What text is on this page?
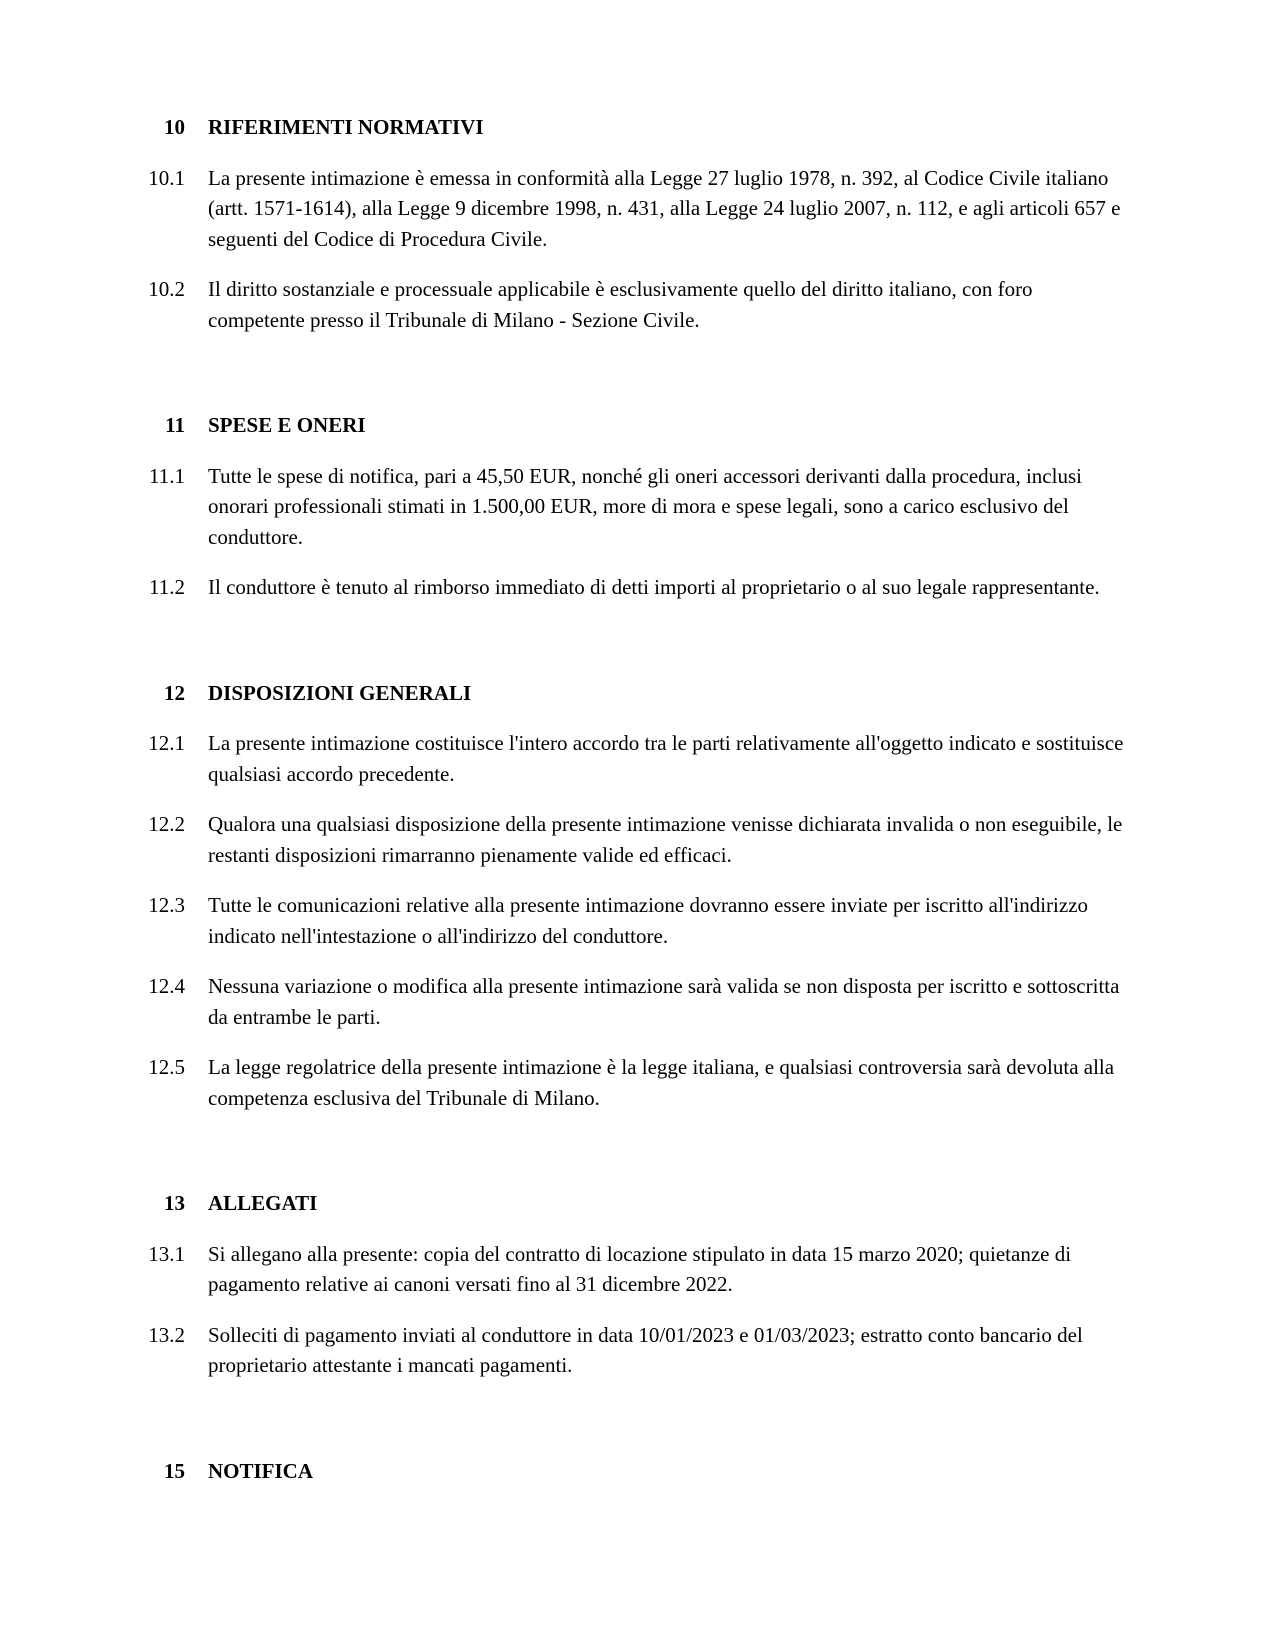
10 RIFERIMENTI NORMATIVI
10.1 La presente intimazione è emessa in conformità alla Legge 27 luglio 1978, n. 392, al Codice Civile italiano (artt. 1571-1614), alla Legge 9 dicembre 1998, n. 431, alla Legge 24 luglio 2007, n. 112, e agli articoli 657 e seguenti del Codice di Procedura Civile.
10.2 Il diritto sostanziale e processuale applicabile è esclusivamente quello del diritto italiano, con foro competente presso il Tribunale di Milano - Sezione Civile.
11 SPESE E ONERI
11.1 Tutte le spese di notifica, pari a 45,50 EUR, nonché gli oneri accessori derivanti dalla procedura, inclusi onorari professionali stimati in 1.500,00 EUR, more di mora e spese legali, sono a carico esclusivo del conduttore.
11.2 Il conduttore è tenuto al rimborso immediato di detti importi al proprietario o al suo legale rappresentante.
12 DISPOSIZIONI GENERALI
12.1 La presente intimazione costituisce l'intero accordo tra le parti relativamente all'oggetto indicato e sostituisce qualsiasi accordo precedente.
12.2 Qualora una qualsiasi disposizione della presente intimazione venisse dichiarata invalida o non eseguibile, le restanti disposizioni rimarranno pienamente valide ed efficaci.
12.3 Tutte le comunicazioni relative alla presente intimazione dovranno essere inviate per iscritto all'indirizzo indicato nell'intestazione o all'indirizzo del conduttore.
12.4 Nessuna variazione o modifica alla presente intimazione sarà valida se non disposta per iscritto e sottoscritta da entrambe le parti.
12.5 La legge regolatrice della presente intimazione è la legge italiana, e qualsiasi controversia sarà devoluta alla competenza esclusiva del Tribunale di Milano.
13 ALLEGATI
13.1 Si allegano alla presente: copia del contratto di locazione stipulato in data 15 marzo 2020; quietanze di pagamento relative ai canoni versati fino al 31 dicembre 2022.
13.2 Solleciti di pagamento inviati al conduttore in data 10/01/2023 e 01/03/2023; estratto conto bancario del proprietario attestante i mancati pagamenti.
15 NOTIFICA
